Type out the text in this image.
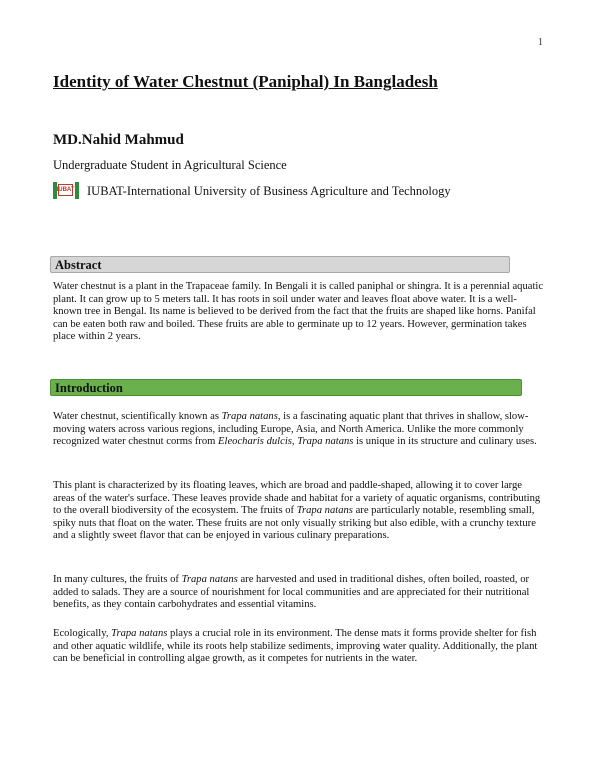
1
Identity of Water Chestnut (Paniphal) In Bangladesh
MD.Nahid Mahmud
Undergraduate Student in Agricultural Science
IUBAT IUBAT-International University of Business Agriculture and Technology
Abstract

Water chestnut is a plant in the Trapaceae family. In Bengali it is called paniphal or shingra. It is a perennial aquatic plant. It can grow up to 5 meters tall. It has roots in soil under water and leaves float above water. It is a well-known tree in Bengal. Its name is believed to be derived from the fact that the fruits are shaped like horns. Panifal can be eaten both raw and boiled. These fruits are able to germinate up to 12 years. However, germination takes place within 2 years.

Introduction

Water chestnut, scientifically known as Trapa natans, is a fascinating aquatic plant that thrives in shallow, slow-moving waters across various regions, including Europe, Asia, and North America. Unlike the more commonly recognized water chestnut corms from Eleocharis dulcis, Trapa natans is unique in its structure and culinary uses.

This plant is characterized by its floating leaves, which are broad and paddle-shaped, allowing it to cover large areas of the water's surface. These leaves provide shade and habitat for a variety of aquatic organisms, contributing to the overall biodiversity of the ecosystem. The fruits of Trapa natans are particularly notable, resembling small, spiky nuts that float on the water. These fruits are not only visually striking but also edible, with a crunchy texture and a slightly sweet flavor that can be enjoyed in various culinary preparations.

In many cultures, the fruits of Trapa natans are harvested and used in traditional dishes, often boiled, roasted, or added to salads. They are a source of nourishment for local communities and are appreciated for their nutritional benefits, as they contain carbohydrates and essential vitamins.

Ecologically, Trapa natans plays a crucial role in its environment. The dense mats it forms provide shelter for fish and other aquatic wildlife, while its roots help stabilize sediments, improving water quality. Additionally, the plant can be beneficial in controlling algae growth, as it competes for nutrients in the water.
